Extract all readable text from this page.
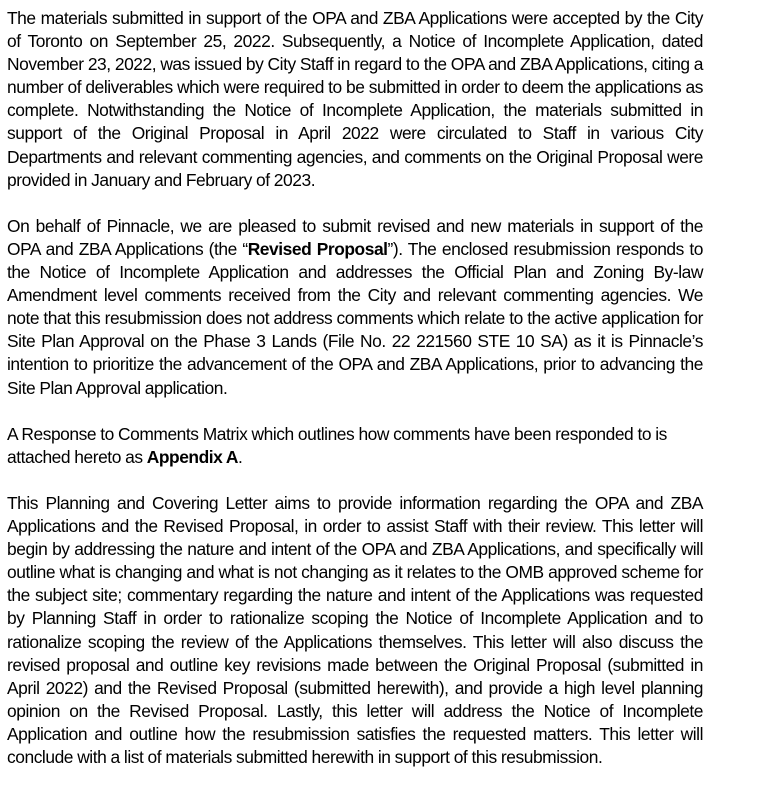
The materials submitted in support of the OPA and ZBA Applications were accepted by the City of Toronto on September 25, 2022. Subsequently, a Notice of Incomplete Application, dated November 23, 2022, was issued by City Staff in regard to the OPA and ZBA Applications, citing a number of deliverables which were required to be submitted in order to deem the applications as complete. Notwithstanding the Notice of Incomplete Application, the materials submitted in support of the Original Proposal in April 2022 were circulated to Staff in various City Departments and relevant commenting agencies, and comments on the Original Proposal were provided in January and February of 2023.

On behalf of Pinnacle, we are pleased to submit revised and new materials in support of the OPA and ZBA Applications (the “Revised Proposal”). The enclosed resubmission responds to the Notice of Incomplete Application and addresses the Official Plan and Zoning By-law Amendment level comments received from the City and relevant commenting agencies. We note that this resubmission does not address comments which relate to the active application for Site Plan Approval on the Phase 3 Lands (File No. 22 221560 STE 10 SA) as it is Pinnacle’s intention to prioritize the advancement of the OPA and ZBA Applications, prior to advancing the Site Plan Approval application.

A Response to Comments Matrix which outlines how comments have been responded to is attached hereto as Appendix A.

This Planning and Covering Letter aims to provide information regarding the OPA and ZBA Applications and the Revised Proposal, in order to assist Staff with their review. This letter will begin by addressing the nature and intent of the OPA and ZBA Applications, and specifically will outline what is changing and what is not changing as it relates to the OMB approved scheme for the subject site; commentary regarding the nature and intent of the Applications was requested by Planning Staff in order to rationalize scoping the Notice of Incomplete Application and to rationalize scoping the review of the Applications themselves. This letter will also discuss the revised proposal and outline key revisions made between the Original Proposal (submitted in April 2022) and the Revised Proposal (submitted herewith), and provide a high level planning opinion on the Revised Proposal. Lastly, this letter will address the Notice of Incomplete Application and outline how the resubmission satisfies the requested matters. This letter will conclude with a list of materials submitted herewith in support of this resubmission.
